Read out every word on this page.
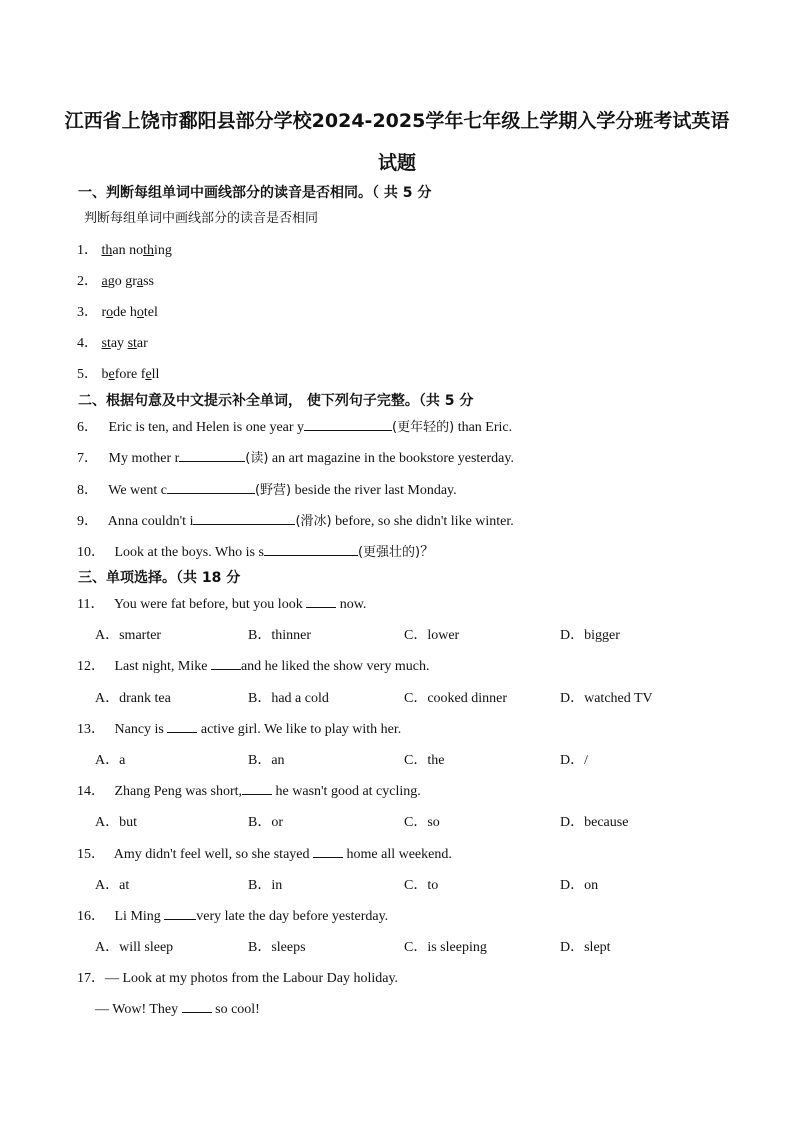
江西省上饶市鄱阳县部分学校2024-2025学年七年级上学期入学分班考试英语
试题
一、判断每组单词中画线部分的读音是否相同。（ 共 5 分
判断每组单词中画线部分的读音是否相同
1． than nothing
2． ago grass
3． rode hotel
4． stay star
5． before fell
二、根据句意及中文提示补全单词， 使下列句子完整。（共 5 分
6． Eric is ten, and Helen is one year y	(更年轻的) than Eric.
7． My mother r	(读) an art magazine in the bookstore yesterday.
8． We went c	(野营) beside the river last Monday.
9． Anna couldn't i	(滑冰) before, so she didn't like winter.
10． Look at the boys. Who is s	(更强壮的)？
三、单项选择。（共 18 分
11． You were fat before, but you look  now.
A．smarter	B．thinner	C．lower	D．bigger
12． Last night, Mike and he liked the show very much.
A．drank tea	B．had a cold	C．cooked dinner	D．watched TV
13． Nancy is  active girl. We like to play with her.
A．a	B．an	C．the	D．/
14． Zhang Peng was short, he wasn't good at cycling.
A．but	B．or	C．so	D．because
15． Amy didn't feel well, so she stayed  home all weekend.
A．at	B．in	C．to	D．on
16． Li Ming very late the day before yesterday.
A．will sleep	B．sleeps	C．is sleeping	D．slept
17．— Look at my photos from the Labour Day holiday.
— Wow! They  so cool!
